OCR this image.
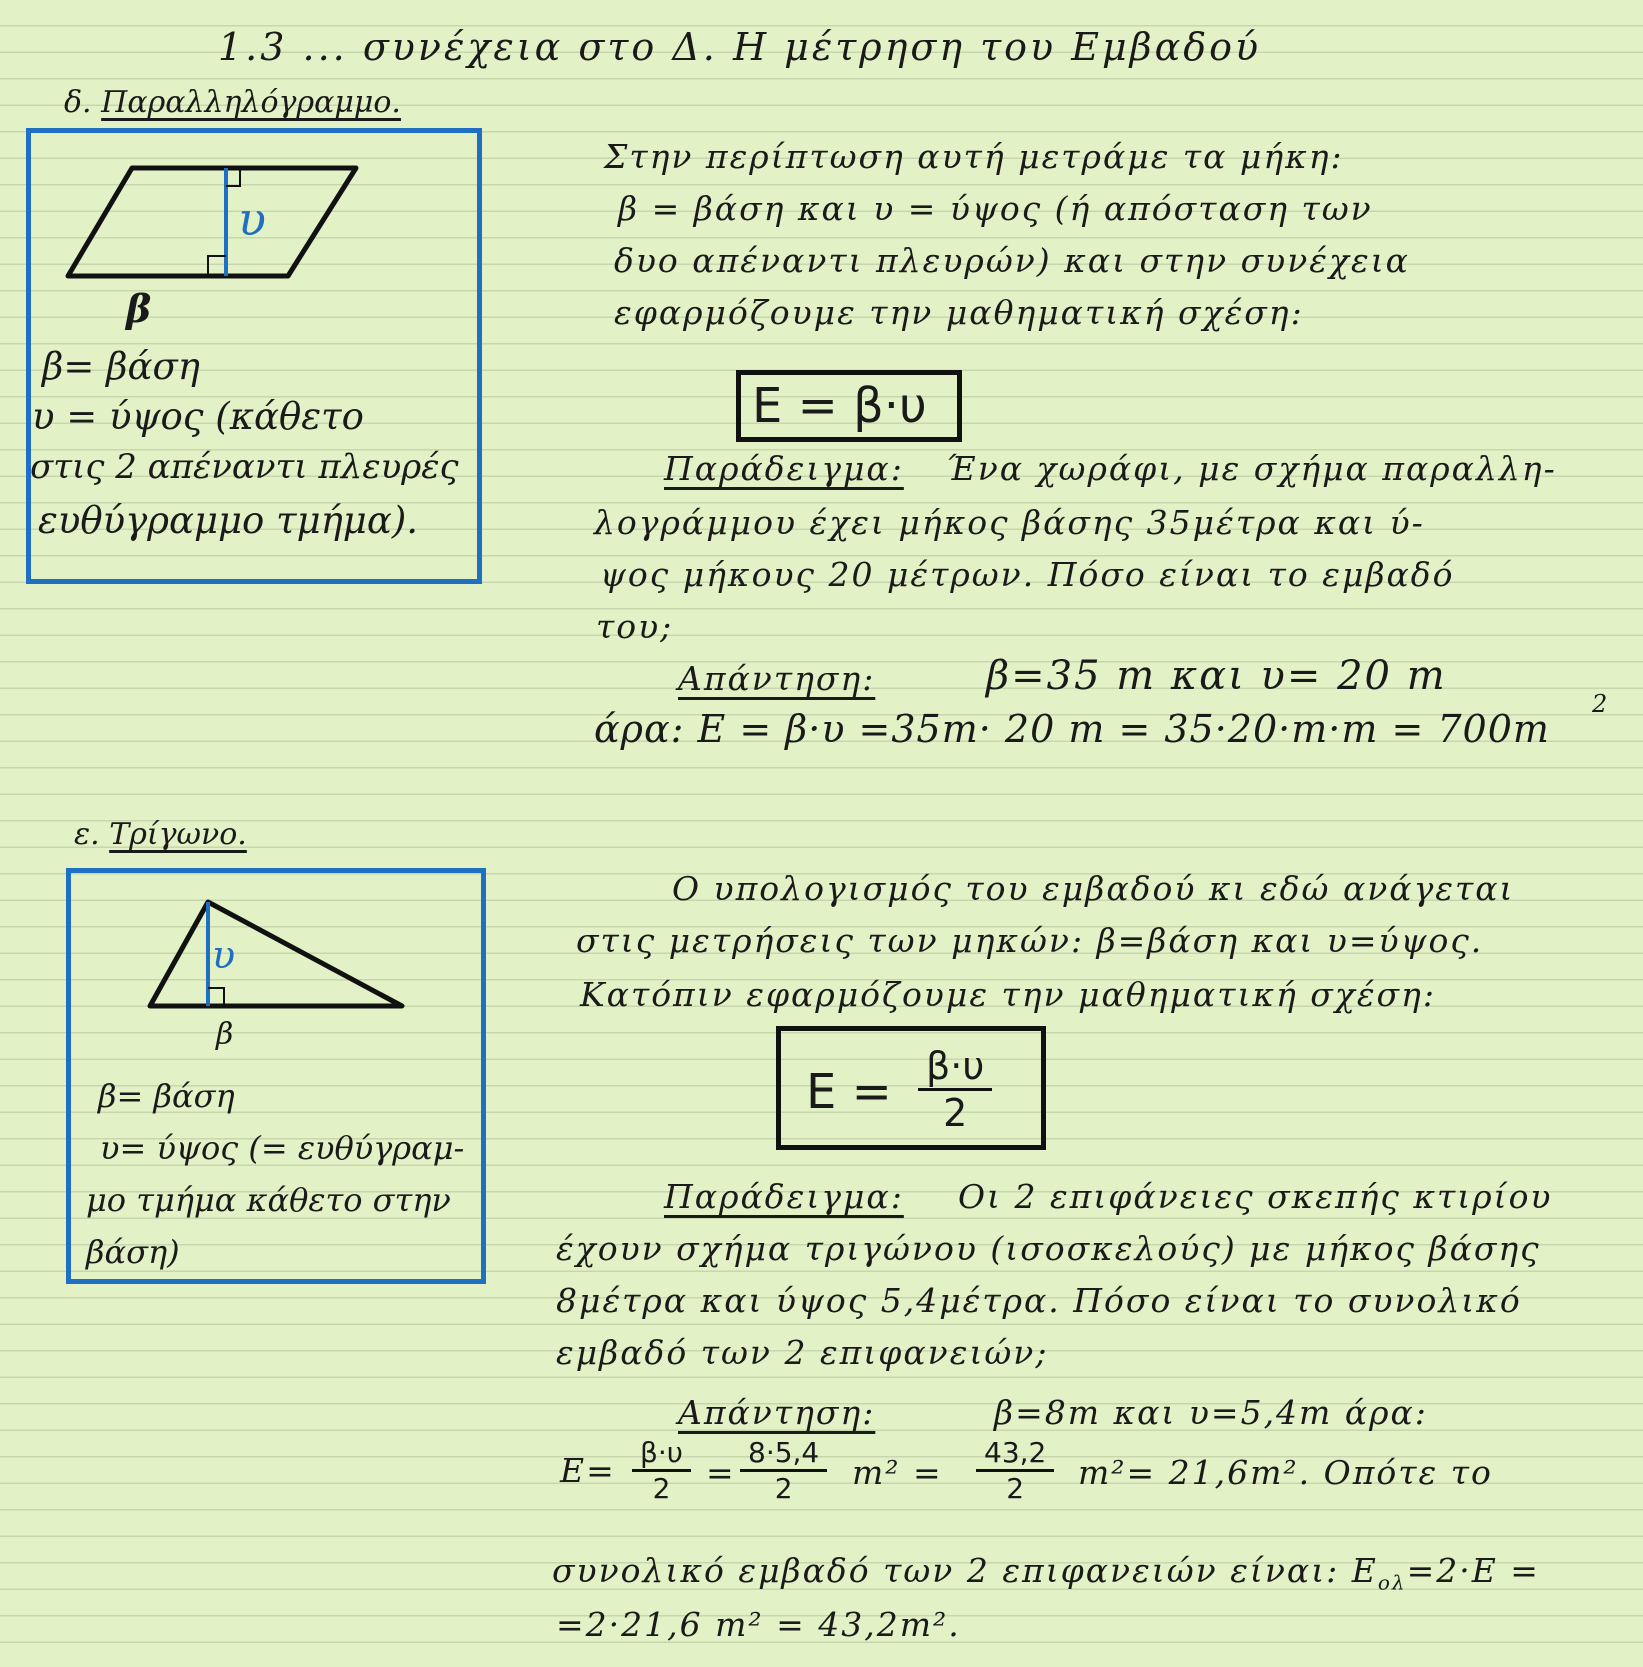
1.3 ... συνέχεια στο Δ. Η μέτρηση του Εμβαδού
δ. Παραλληλόγραμμο.
υ
β
β= βάση
υ = ύψος (κάθετο
στις 2 απέναντι πλευρές
ευθύγραμμο τμήμα).
Στην περίπτωση αυτή μετράμε τα μήκη:
β = βάση και υ = ύψος (ή απόσταση των
δυο απέναντι πλευρών) και στην συνέχεια
εφαρμόζουμε την μαθηματική σχέση:
Ε = β·υ
Παράδειγμα: Ένα χωράφι, με σχήμα παραλλη-
λογράμμου έχει μήκος βάσης 35μέτρα και ύ-
ψος μήκους 20 μέτρων. Πόσο είναι το εμβαδό
του;
Απάντηση:	β=35 m και υ= 20 m
άρα: Ε = β·υ =35m· 20 m = 35·20·m·m = 700m
2
ε. Τρίγωνο.
υ
β
β= βάση
υ= ύψος (= ευθύγραμ-
μο τμήμα κάθετο στην
βάση)
Ο υπολογισμός του εμβαδού κι εδώ ανάγεται
στις μετρήσεις των μηκών: β=βάση και υ=ύψος.
Κατόπιν εφαρμόζουμε την μαθηματική σχέση:
$E = \frac{\beta\cdot\upsilon}{2}$
Παράδειγμα: Οι 2 επιφάνειες σκεπής κτιρίου
έχουν σχήμα τριγώνου (ισοσκελούς) με μήκος βάσης
8μέτρα και ύψος 5,4μέτρα. Πόσο είναι το συνολικό
εμβαδό των 2 επιφανειών;
Απάντηση:	β=8m και υ=5,4m άρα:
$E= \frac{\beta\cdot\upsilon}{2} = \frac{8\cdot 5,4}{2} m^2 = \frac{43,2}{2} m^2= 21,6m^2$. Οπότε το
συνολικό εμβαδό των 2 επιφανειών είναι: $E_{o\lambda}=2\cdot E$ =
=2·21,6 m² = 43,2m².
